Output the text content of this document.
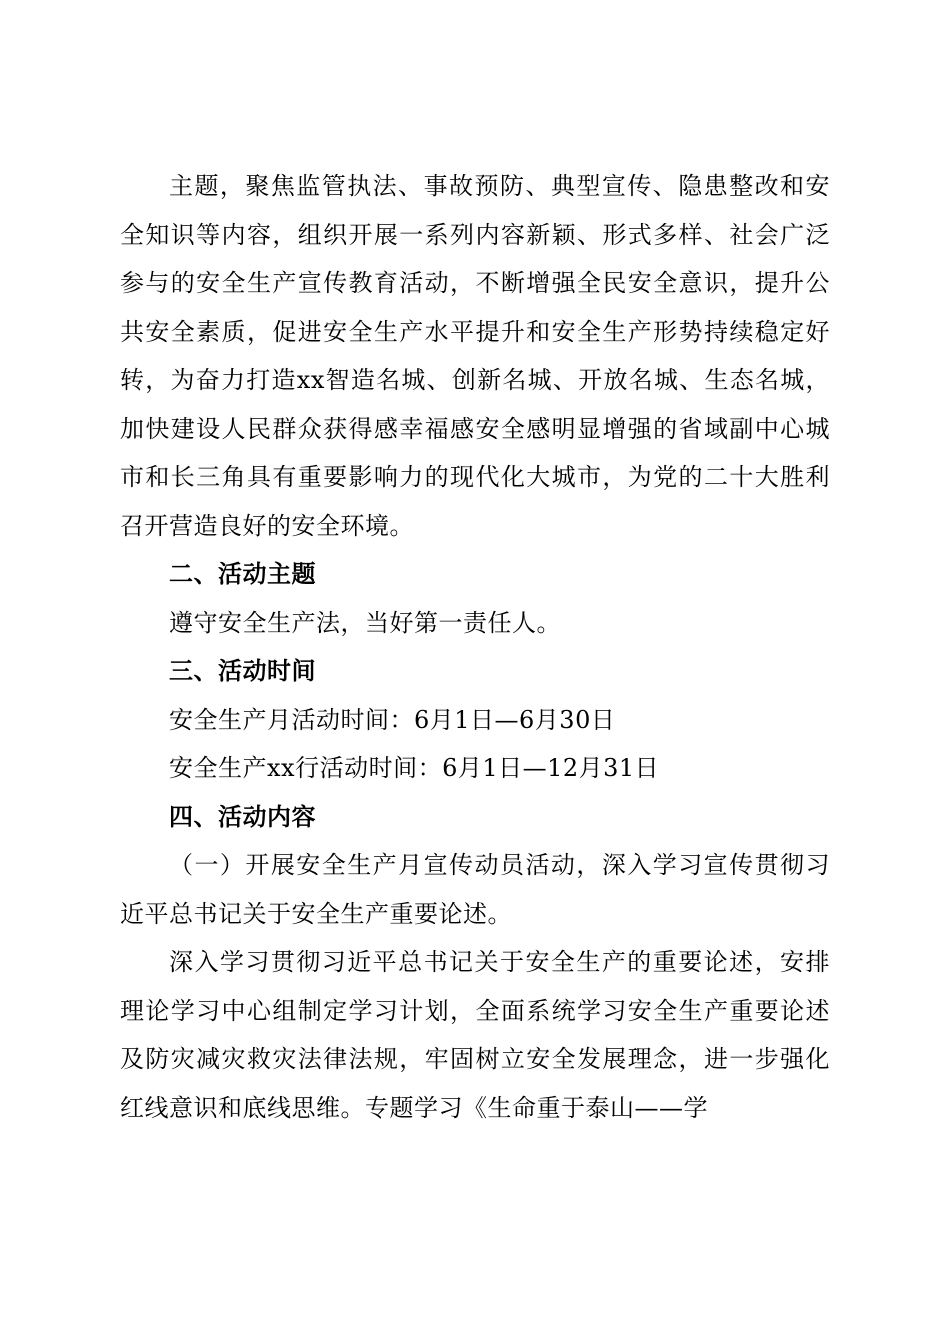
主题，聚焦监管执法、事故预防、典型宣传、隐患整改和安全知识等内容，组织开展一系列内容新颖、形式多样、社会广泛参与的安全生产宣传教育活动，不断增强全民安全意识，提升公共安全素质，促进安全生产水平提升和安全生产形势持续稳定好转，为奋力打造xx智造名城、创新名城、开放名城、生态名城，加快建设人民群众获得感幸福感安全感明显增强的省域副中心城市和长三角具有重要影响力的现代化大城市，为党的二十大胜利召开营造良好的安全环境。

二、活动主题

遵守安全生产法，当好第一责任人。

三、活动时间

安全生产月活动时间：6月1日—6月30日

安全生产xx行活动时间：6月1日—12月31日

四、活动内容

（一）开展安全生产月宣传动员活动，深入学习宣传贯彻习近平总书记关于安全生产重要论述。

深入学习贯彻习近平总书记关于安全生产的重要论述，安排理论学习中心组制定学习计划，全面系统学习安全生产重要论述及防灾减灾救灾法律法规，牢固树立安全发展理念，进一步强化红线意识和底线思维。专题学习《生命重于泰山——学
